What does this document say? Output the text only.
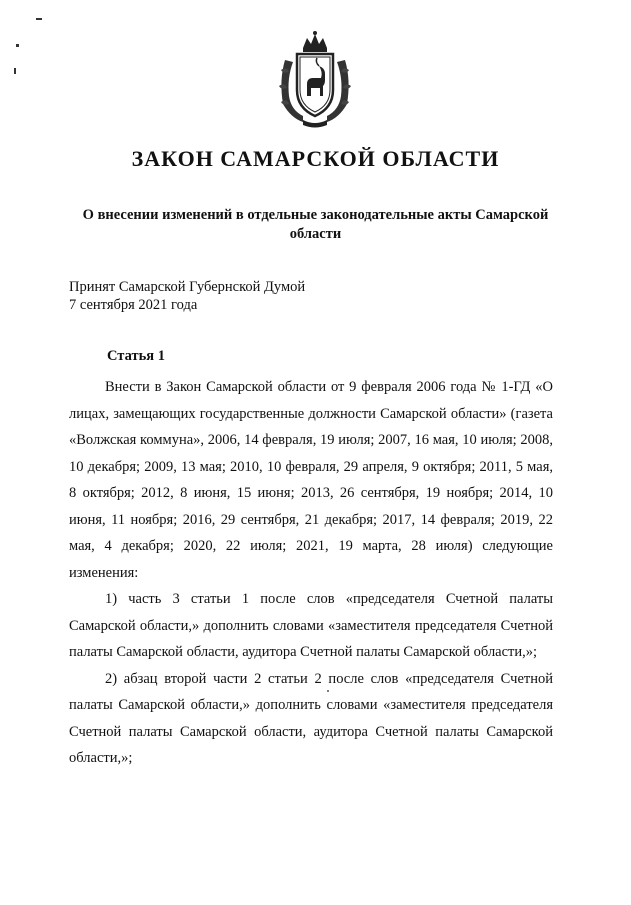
ЗАКОН САМАРСКОЙ ОБЛАСТИ
О внесении изменений в отдельные законодательные акты Самарской области
Принят Самарской Губернской Думой
7 сентября 2021 года
Статья 1

Внести в Закон Самарской области от 9 февраля 2006 года № 1-ГД «О лицах, замещающих государственные должности Самарской области» (газета «Волжская коммуна», 2006, 14 февраля, 19 июля; 2007, 16 мая, 10 июля; 2008, 10 декабря; 2009, 13 мая; 2010, 10 февраля, 29 апреля, 9 октября; 2011, 5 мая, 8 октября; 2012, 8 июня, 15 июня; 2013, 26 сентября, 19 ноября; 2014, 10 июня, 11 ноября; 2016, 29 сентября, 21 декабря; 2017, 14 февраля; 2019, 22 мая, 4 декабря; 2020, 22 июля; 2021, 19 марта, 28 июля) следующие изменения:

1) часть 3 статьи 1 после слов «председателя Счетной палаты Самарской области,» дополнить словами «заместителя председателя Счетной палаты Самарской области, аудитора Счетной палаты Самарской области,»;

2) абзац второй части 2 статьи 2 после слов «председателя Счетной палаты Самарской области,» дополнить словами «заместителя председателя Счетной палаты Самарской области, аудитора Счетной палаты Самарской области,»;
